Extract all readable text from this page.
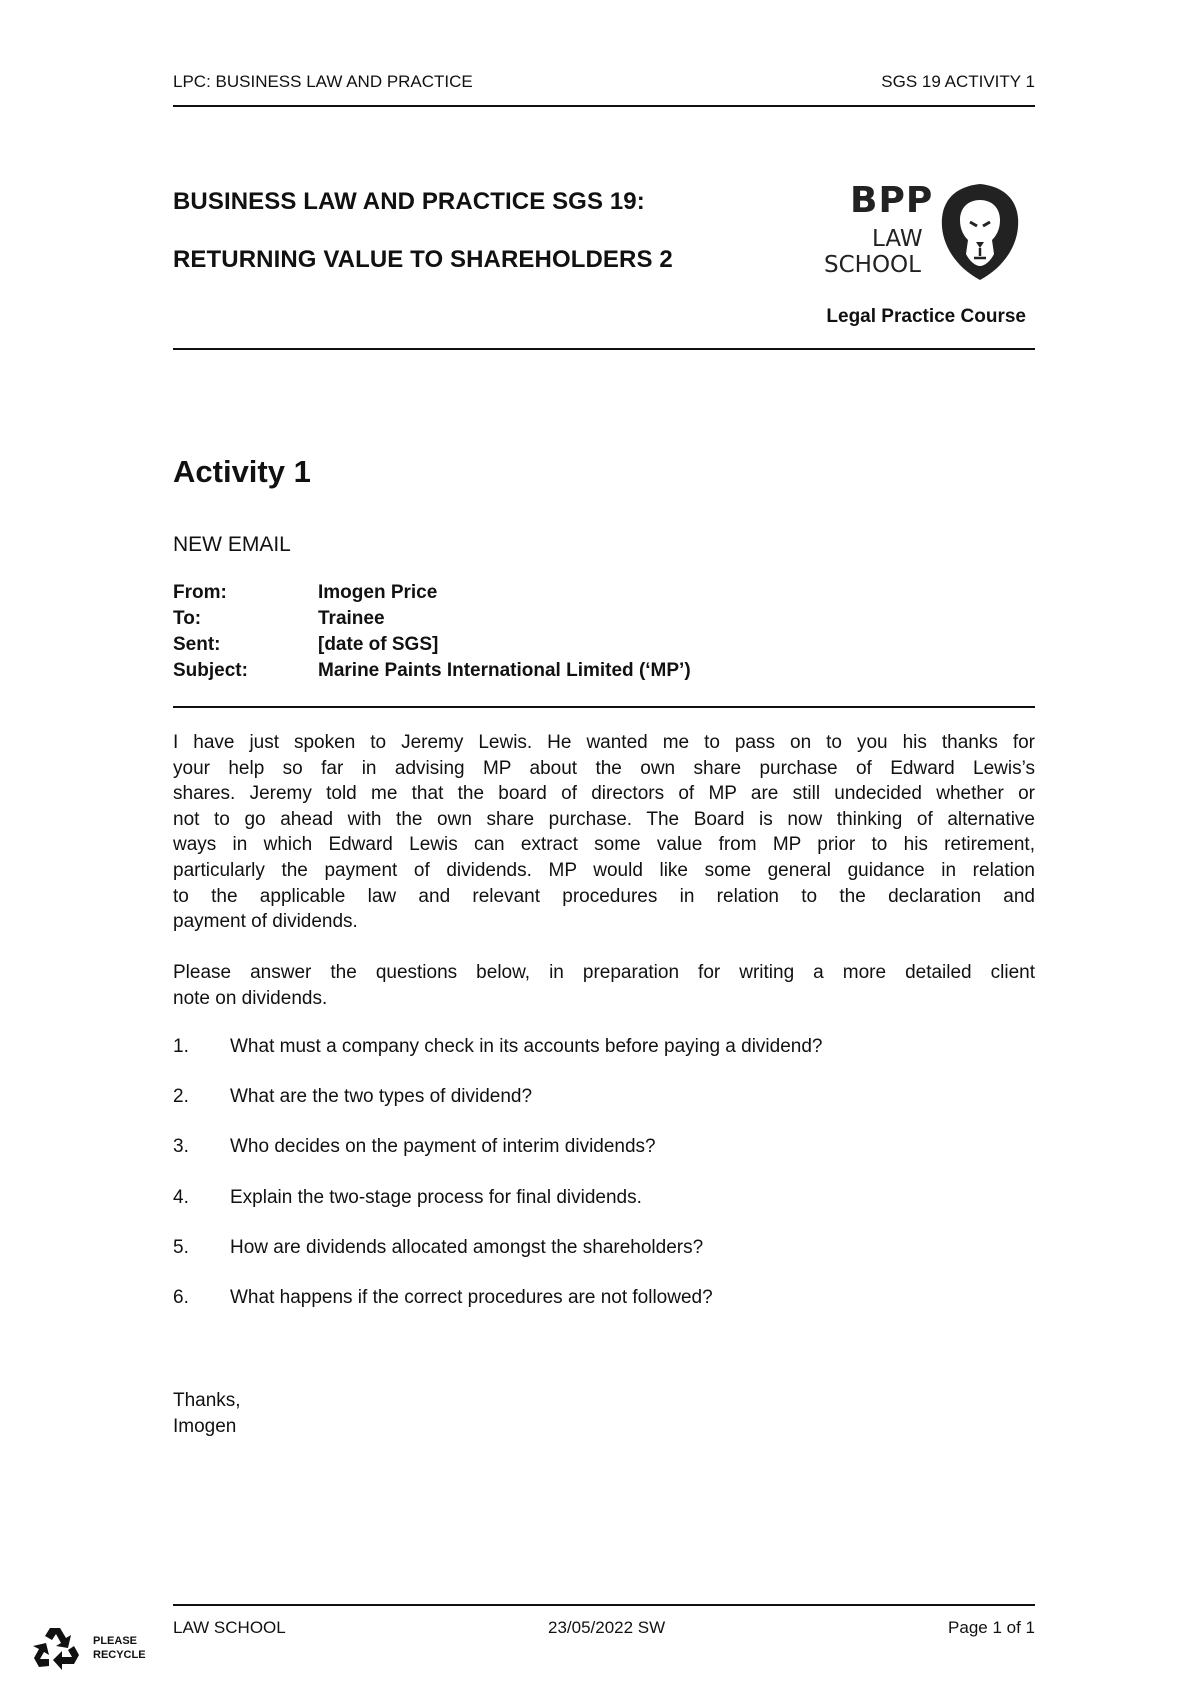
LPC: BUSINESS LAW AND PRACTICE	SGS 19 ACTIVITY 1
BUSINESS LAW AND PRACTICE SGS 19:
RETURNING VALUE TO SHAREHOLDERS 2
BPP
LAW
SCHOOL
Legal Practice Course
Activity 1
NEW EMAIL
From:	Imogen Price
To:	Trainee
Sent:	[date of SGS]
Subject:	Marine Paints International Limited (‘MP’)
I have just spoken to Jeremy Lewis. He wanted me to pass on to you his thanks for
your help so far in advising MP about the own share purchase of Edward Lewis’s
shares. Jeremy told me that the board of directors of MP are still undecided whether or
not to go ahead with the own share purchase. The Board is now thinking of alternative
ways in which Edward Lewis can extract some value from MP prior to his retirement,
particularly the payment of dividends. MP would like some general guidance in relation
to the applicable law and relevant procedures in relation to the declaration and
payment of dividends.
Please answer the questions below, in preparation for writing a more detailed client
note on dividends.
1. What must a company check in its accounts before paying a dividend?
2. What are the two types of dividend?
3. Who decides on the payment of interim dividends?
4. Explain the two-stage process for final dividends.
5. How are dividends allocated amongst the shareholders?
6. What happens if the correct procedures are not followed?
Thanks,
Imogen
LAW SCHOOL	23/05/2022 SW	Page 1 of 1
PLEASE
RECYCLE
